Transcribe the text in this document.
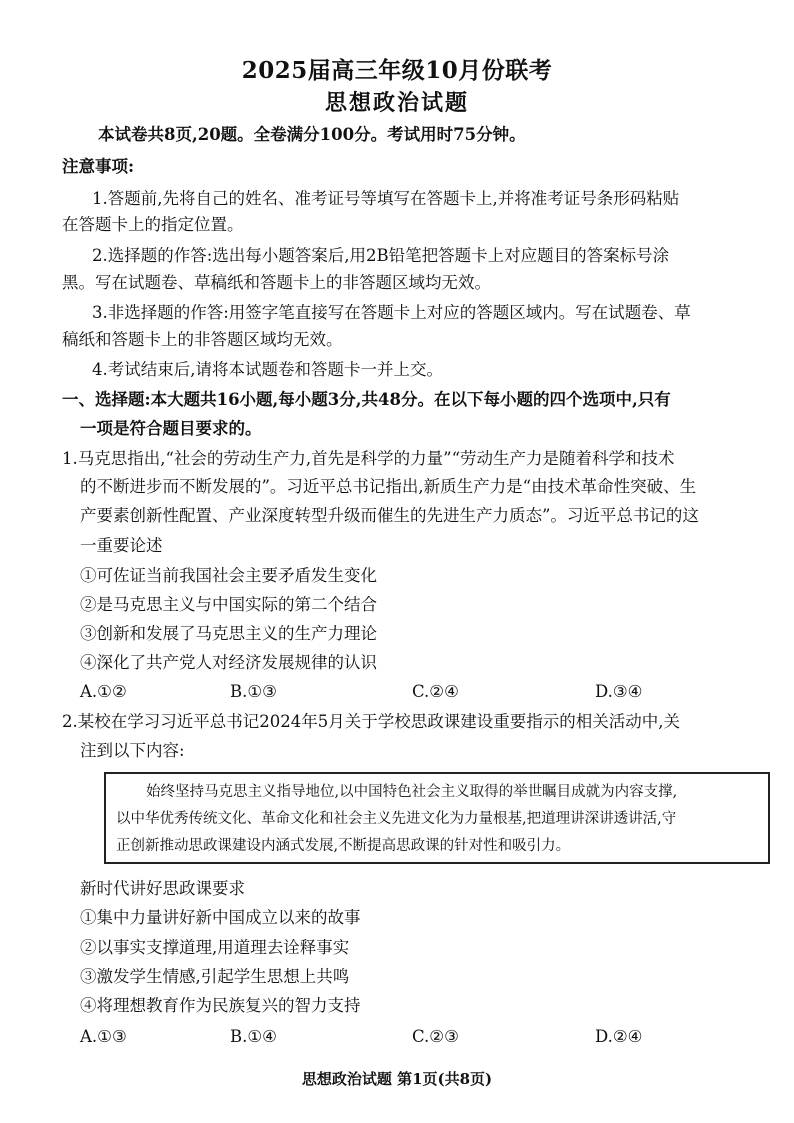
2025届高三年级10月份联考
思想政治试题
本试卷共8页,20题。全卷满分100分。考试用时75分钟。
注意事项:
1.答题前,先将自己的姓名、准考证号等填写在答题卡上,并将准考证号条形码粘贴
在答题卡上的指定位置。
2.选择题的作答:选出每小题答案后,用2B铅笔把答题卡上对应题目的答案标号涂
黑。写在试题卷、草稿纸和答题卡上的非答题区域均无效。
3.非选择题的作答:用签字笔直接写在答题卡上对应的答题区域内。写在试题卷、草
稿纸和答题卡上的非答题区域均无效。
4.考试结束后,请将本试题卷和答题卡一并上交。
一、选择题:本大题共16小题,每小题3分,共48分。在以下每小题的四个选项中,只有
一项是符合题目要求的。
1.马克思指出,“社会的劳动生产力,首先是科学的力量”“劳动生产力是随着科学和技术
的不断进步而不断发展的”。习近平总书记指出,新质生产力是“由技术革命性突破、生
产要素创新性配置、产业深度转型升级而催生的先进生产力质态”。习近平总书记的这
一重要论述
①可佐证当前我国社会主要矛盾发生变化
②是马克思主义与中国实际的第二个结合
③创新和发展了马克思主义的生产力理论
④深化了共产党人对经济发展规律的认识
A.①②	B.①③	C.②④	D.③④
2.某校在学习习近平总书记2024年5月关于学校思政课建设重要指示的相关活动中,关
注到以下内容:
始终坚持马克思主义指导地位,以中国特色社会主义取得的举世瞩目成就为内容支撑,
以中华优秀传统文化、革命文化和社会主义先进文化为力量根基,把道理讲深讲透讲活,守
正创新推动思政课建设内涵式发展,不断提高思政课的针对性和吸引力。
新时代讲好思政课要求
①集中力量讲好新中国成立以来的故事
②以事实支撑道理,用道理去诠释事实
③激发学生情感,引起学生思想上共鸣
④将理想教育作为民族复兴的智力支持
A.①③	B.①④	C.②③	D.②④
思想政治试题 第1页(共8页)
